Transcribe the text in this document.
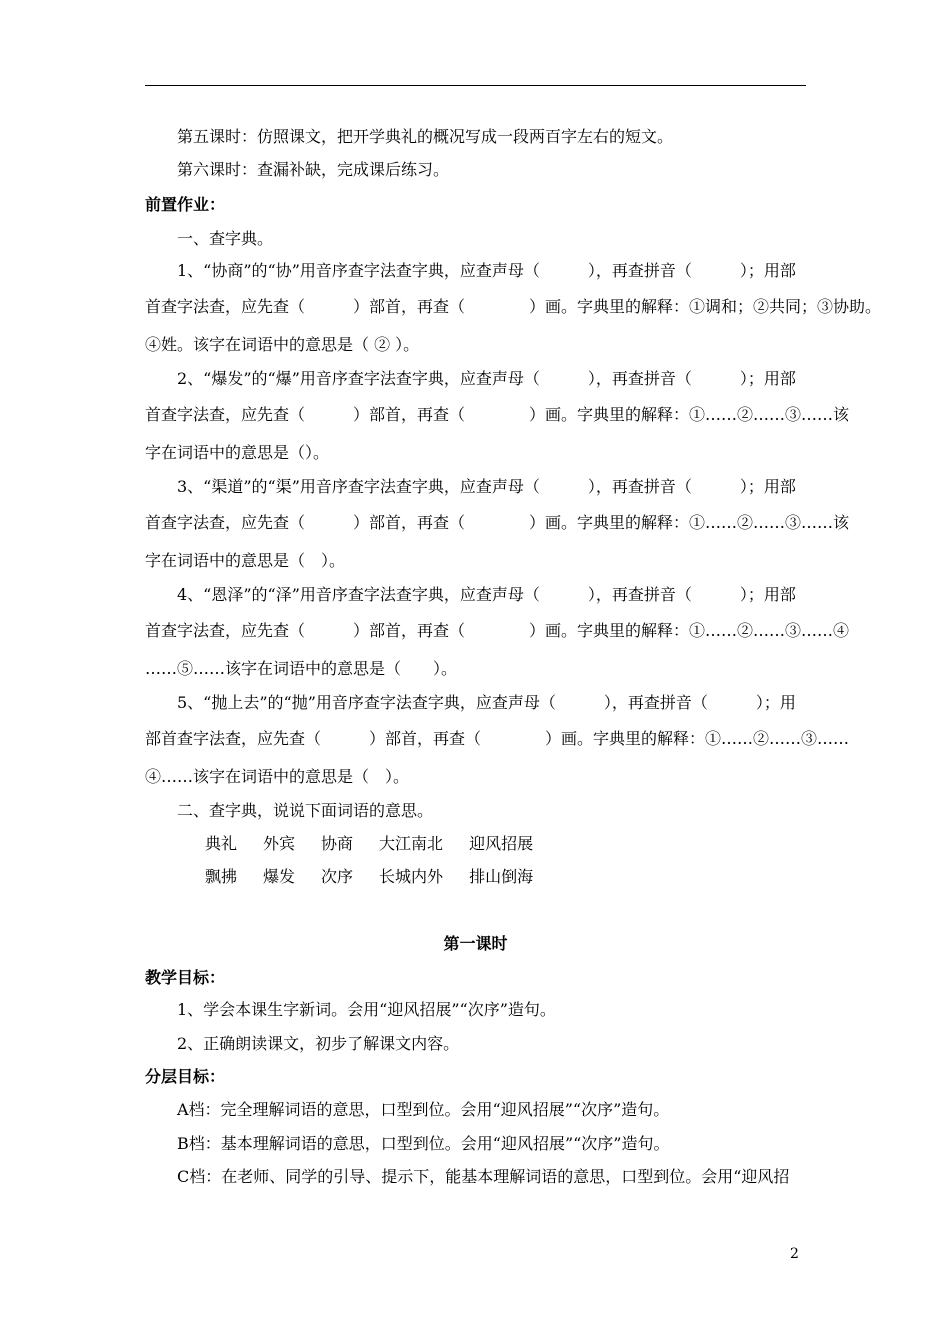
第五课时：仿照课文，把开学典礼的概况写成一段两百字左右的短文。
第六课时：查漏补缺，完成课后练习。
前置作业：
一、查字典。
1、“协商”的“协”用音序查字法查字典，应查声母（　　　），再查拼音（　　　）；用部
首查字法查，应先查（　　　）部首，再查（　　　　）画。字典里的解释：①调和；②共同；③协助。
④姓。该字在词语中的意思是（ ② ）。
2、“爆发”的“爆”用音序查字法查字典，应查声母（　　　），再查拼音（　　　）；用部
首查字法查，应先查（　　　）部首，再查（　　　　）画。字典里的解释：①……②……③……该
字在词语中的意思是（）。
3、“渠道”的“渠”用音序查字法查字典，应查声母（　　　），再查拼音（　　　）；用部
首查字法查，应先查（　　　）部首，再查（　　　　）画。字典里的解释：①……②……③……该
字在词语中的意思是（　）。
4、“恩泽”的“泽”用音序查字法查字典，应查声母（　　　），再查拼音（　　　）；用部
首查字法查，应先查（　　　）部首，再查（　　　　）画。字典里的解释：①……②……③……④
……⑤……该字在词语中的意思是（　　）。
5、“抛上去”的“抛”用音序查字法查字典，应查声母（　　　），再查拼音（　　　）；用
部首查字法查，应先查（　　　）部首，再查（　　　　）画。字典里的解释：①……②……③……
④……该字在词语中的意思是（　）。
二、查字典，说说下面词语的意思。
典礼 外宾 协商 大江南北 迎风招展
飘拂 爆发 次序 长城内外 排山倒海
第一课时
教学目标：
1、学会本课生字新词。会用“迎风招展”“次序”造句。
2、正确朗读课文，初步了解课文内容。
分层目标：
A档：完全理解词语的意思，口型到位。会用“迎风招展”“次序”造句。
B档：基本理解词语的意思，口型到位。会用“迎风招展”“次序”造句。
C档：在老师、同学的引导、提示下，能基本理解词语的意思，口型到位。会用“迎风招
2
